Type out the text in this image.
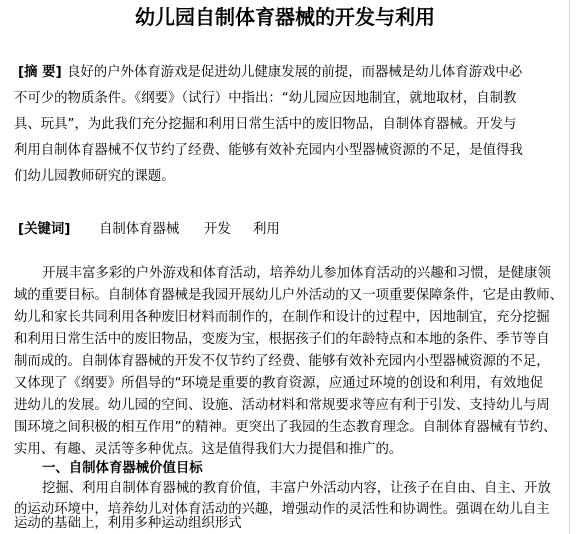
幼儿园自制体育器械的开发与利用
[摘 要] 良好的户外体育游戏是促进幼儿健康发展的前提，而器械是幼儿体育游戏中必
不可少的物质条件。《纲要》（试行）中指出：“幼儿园应因地制宜，就地取材，自制教
具、玩具”，为此我们充分挖掘和利用日常生活中的废旧物品，自制体育器械。开发与
利用自制体育器械不仅节约了经费、能够有效补充园内小型器械资源的不足，是值得我
们幼儿园教师研究的课题。
[关键词] 自制体育器械 开发 利用
开展丰富多彩的户外游戏和体育活动，培养幼儿参加体育活动的兴趣和习惯，是健康领
域的重要目标。自制体育器械是我园开展幼儿户外活动的又一项重要保障条件，它是由教师、
幼儿和家长共同利用各种废旧材料而制作的，在制作和设计的过程中，因地制宜，充分挖掘
和利用日常生活中的废旧物品，变废为宝，根据孩子们的年龄特点和本地的条件、季节等自
制而成的。自制体育器械的开发不仅节约了经费、能够有效补充园内小型器械资源的不足，
又体现了《纲要》所倡导的“环境是重要的教育资源，应通过环境的创设和利用，有效地促
进幼儿的发展。幼儿园的空间、设施、活动材料和常规要求等应有利于引发、支持幼儿与周
围环境之间积极的相互作用”的精神。更突出了我园的生态教育理念。自制体育器械有节约、
实用、有趣、灵活等多种优点。这是值得我们大力提倡和推广的。
一、自制体育器械价值目标
挖掘、利用自制体育器械的教育价值，丰富户外活动内容，让孩子在自由、自主、开放
的运动环境中，培养幼儿对体育活动的兴趣，增强动作的灵活性和协调性。强调在幼儿自主
运动的基础上，利用多种运动组织形式
